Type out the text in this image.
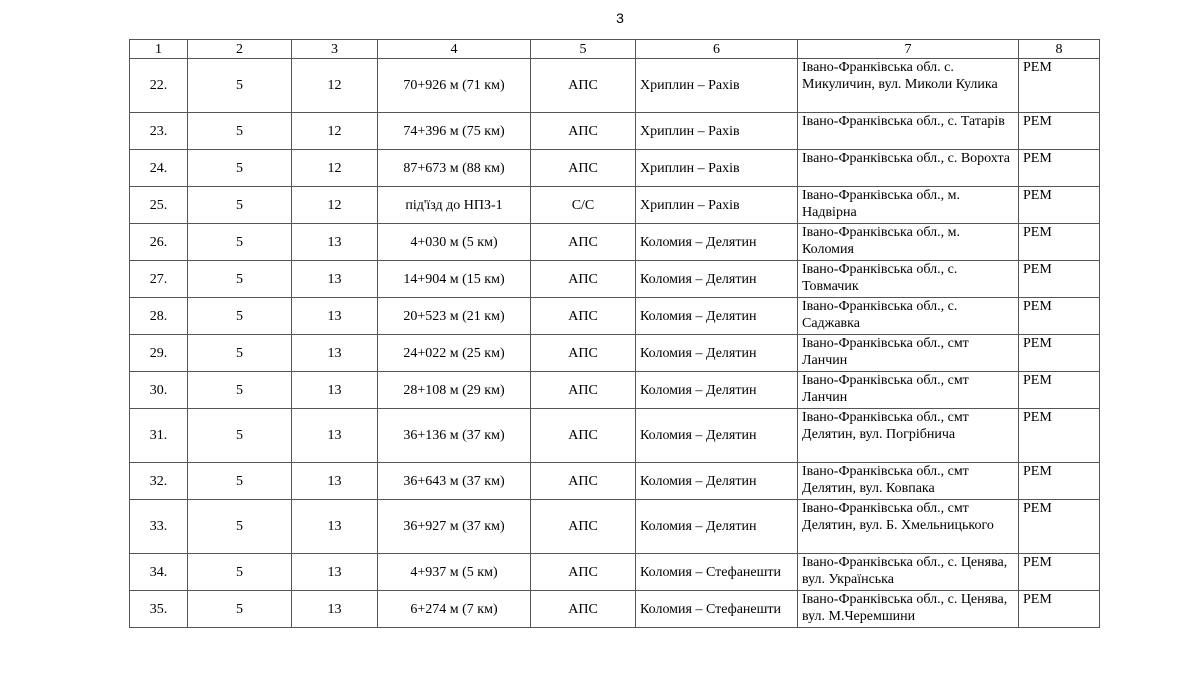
3
1	2	3	4	5	6	7	8
22.	5	12	70+926 м (71 км)	АПС	Хриплин – Рахів	Івано-Франківська обл. с. Микуличин, вул. Миколи Кулика	РЕМ
23.	5	12	74+396 м (75 км)	АПС	Хриплин – Рахів	Івано-Франківська обл., с. Татарів	РЕМ
24.	5	12	87+673 м (88 км)	АПС	Хриплин – Рахів	Івано-Франківська обл., с. Ворохта	РЕМ
25.	5	12	під'їзд до НПЗ-1	С/С	Хриплин – Рахів	Івано-Франківська обл., м. Надвірна	РЕМ
26.	5	13	4+030 м (5 км)	АПС	Коломия – Делятин	Івано-Франківська обл., м. Коломия	РЕМ
27.	5	13	14+904 м (15 км)	АПС	Коломия – Делятин	Івано-Франківська обл., с. Товмачик	РЕМ
28.	5	13	20+523 м (21 км)	АПС	Коломия – Делятин	Івано-Франківська обл., с. Саджавка	РЕМ
29.	5	13	24+022 м (25 км)	АПС	Коломия – Делятин	Івано-Франківська обл., смт Ланчин	РЕМ
30.	5	13	28+108 м (29 км)	АПС	Коломия – Делятин	Івано-Франківська обл., смт Ланчин	РЕМ
31.	5	13	36+136 м (37 км)	АПС	Коломия – Делятин	Івано-Франківська обл., смт Делятин, вул. Погрібнича	РЕМ
32.	5	13	36+643 м (37 км)	АПС	Коломия – Делятин	Івано-Франківська обл., смт Делятин, вул. Ковпака	РЕМ
33.	5	13	36+927 м (37 км)	АПС	Коломия – Делятин	Івано-Франківська обл., смт Делятин, вул. Б. Хмельницького	РЕМ
34.	5	13	4+937 м (5 км)	АПС	Коломия – Стефанешти	Івано-Франківська обл., с. Ценява, вул. Українська	РЕМ
35.	5	13	6+274 м (7 км)	АПС	Коломия – Стефанешти	Івано-Франківська обл., с. Ценява, вул. М.Черемшини	РЕМ
